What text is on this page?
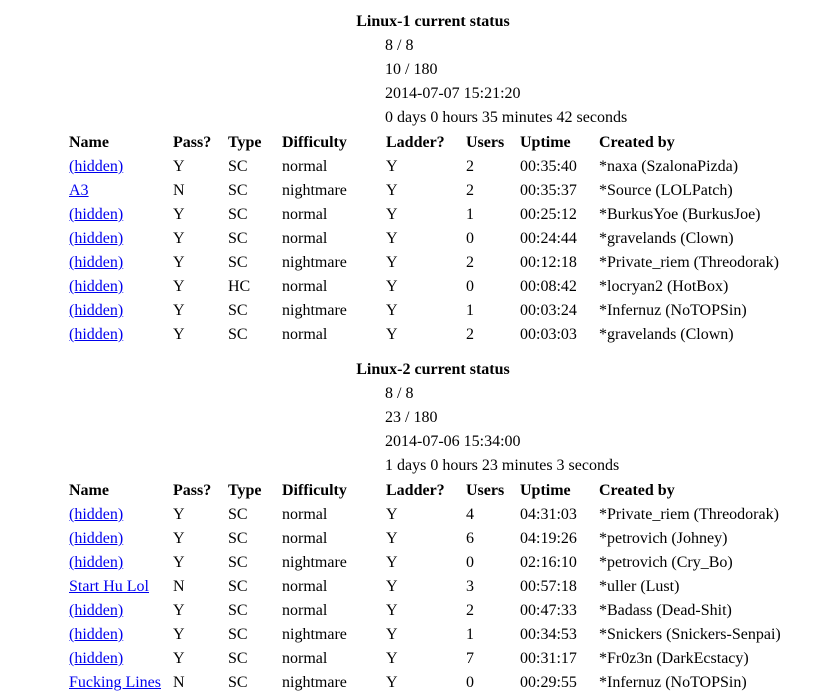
Linux-1 current status
8 / 8
10 / 180
2014-07-07 15:21:20
0 days 0 hours 35 minutes 42 seconds
Name	Pass?	Type	Difficulty	Ladder?	Users	Uptime	Created by
(hidden)	Y	SC	normal	Y	2	00:35:40	*naxa (SzalonaPizda)
A3	N	SC	nightmare	Y	2	00:35:37	*Source (LOLPatch)
(hidden)	Y	SC	normal	Y	1	00:25:12	*BurkusYoe (BurkusJoe)
(hidden)	Y	SC	normal	Y	0	00:24:44	*gravelands (Clown)
(hidden)	Y	SC	nightmare	Y	2	00:12:18	*Private_riem (Threodorak)
(hidden)	Y	HC	normal	Y	0	00:08:42	*locryan2 (HotBox)
(hidden)	Y	SC	nightmare	Y	1	00:03:24	*Infernuz (NoTOPSin)
(hidden)	Y	SC	normal	Y	2	00:03:03	*gravelands (Clown)
Linux-2 current status
8 / 8
23 / 180
2014-07-06 15:34:00
1 days 0 hours 23 minutes 3 seconds
Name	Pass?	Type	Difficulty	Ladder?	Users	Uptime	Created by
(hidden)	Y	SC	normal	Y	4	04:31:03	*Private_riem (Threodorak)
(hidden)	Y	SC	normal	Y	6	04:19:26	*petrovich (Johney)
(hidden)	Y	SC	nightmare	Y	0	02:16:10	*petrovich (Cry_Bo)
Start Hu Lol	N	SC	normal	Y	3	00:57:18	*uller (Lust)
(hidden)	Y	SC	normal	Y	2	00:47:33	*Badass (Dead-Shit)
(hidden)	Y	SC	nightmare	Y	1	00:34:53	*Snickers (Snickers-Senpai)
(hidden)	Y	SC	normal	Y	7	00:31:17	*Fr0z3n (DarkEcstacy)
Fucking Lines	N	SC	nightmare	Y	0	00:29:55	*Infernuz (NoTOPSin)
